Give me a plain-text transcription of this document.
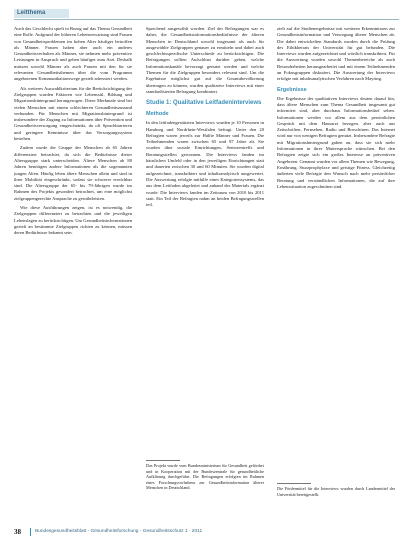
Leitthema

Auch das Geschlecht spielt in Bezug auf das Thema Gesundheit eine Rolle. Aufgrund der höheren Lebenserwartung sind Frauen von Gesundheitsproblemen im hohen Alter häufiger betroffen als Männer. Frauen haben aber auch ein anderes Gesundheitsverhalten als Männer, sie nehmen mehr präventive Leistungen in Anspruch und gehen häufiger zum Arzt. Deshalb müssen sowohl Männer als auch Frauen mit den für sie relevanten Gesundheitsthemen über die vom Programm angebotenen Kommunikationswege gezielt adressiert werden.

Als weiteres Auswahlkriterium für die Berücksichtigung der Zielgruppen wurden Faktoren wie Lebensstil, Bildung und Migrationshintergrund herangezogen. Diese Merkmale sind bei vielen Menschen mit einem schlechteren Gesundheitszustand verbunden. Für Menschen mit Migrationshintergrund ist insbesondere der Zugang zu Informationen über Prävention und Gesundheitsversorgung eingeschränkt, da oft Sprachbarrieren und geringere Kenntnisse über das Versorgungssystem bestehen.

Zudem wurde die Gruppe der Menschen ab 65 Jahren differenziert betrachtet, da sich die Bedürfnisse dieser Altersgruppe stark unterscheiden. Ältere Menschen ab 80 Jahren benötigen andere Informationen als die sogenannten jungen Alten. Häufig leben ältere Menschen allein und sind in ihrer Mobilität eingeschränkt, sodass sie schwerer erreichbar sind. Die Altersgruppe der 65- bis 79-Jährigen wurde im Rahmen des Projekts gesondert betrachtet, um eine möglichst zielgruppengerechte Ansprache zu gewährleisten.

Wie diese Ausführungen zeigen, ist es notwendig, die Zielgruppen differenziert zu betrachten und die jeweiligen Lebenslagen zu berücksichtigen. Um Gesundheitsinformationen gezielt an bestimmte Zielgruppen richten zu können, müssen deren Bedürfnisse bekannt sein.

Sprechend ausgewählt worden. Ziel der Befragungen war es daher, die Gesundheitsinformationsbedürfnisse der älteren Menschen in Deutschland sowohl insgesamt als auch für ausgewählte Zielgruppen genauer zu ermitteln und dabei auch geschlechtsspezifische Unterschiede zu berücksichtigen. Die Befragungen sollten Aufschluss darüber geben, welche Informationskanäle bevorzugt genutzt werden und welche Themen für die Zielgruppen besonders relevant sind. Um die Ergebnisse möglichst gut auf die Gesamtbevölkerung übertragen zu können, wurden qualitative Interviews mit einer standardisierten Befragung kombiniert.

Studie 1: Qualitative Leitfadeninterviews
Methode

In den leitfadengestützten Interviews wurden je 10 Personen in Hamburg und Nordrhein-Westfalen befragt. Unter den 20 Befragten waren jeweils zur Hälfte Männer und Frauen. Die Teilnehmenden waren zwischen 65 und 87 Jahre alt. Sie wurden über soziale Einrichtungen, Seniorentreffs und Beratungsstellen gewonnen. Die Interviews fanden im häuslichen Umfeld oder in den jeweiligen Einrichtungen statt und dauerten zwischen 30 und 60 Minuten. Sie wurden digital aufgezeichnet, transkribiert und inhaltsanalytisch ausgewertet. Die Auswertung erfolgte mithilfe eines Kategoriensystems, das aus dem Leitfaden abgeleitet und anhand des Materials ergänzt wurde. Die Interviews fanden im Zeitraum von 2010 bis 2011 statt. Ein Teil der Befragten nahm an beiden Befragungswellen teil.

zielt auf die Studienergebnisse mit weiteren Erkenntnissen zur Gesundheitsinformation und Versorgung älterer Menschen ab. Die dabei entwickelten Standards wurden durch die Prüfung des Ethikbeirats der Universität für gut befunden. Die Interviews wurden aufgezeichnet und wörtlich transkribiert. Für die Auswertung wurden sowohl Themenbereiche als auch Besonderheiten herausgearbeitet und mit einem Teilnehmenden an Fokusgruppen diskutiert. Die Auswertung der Interviews erfolgte mit inhaltsanalytischen Verfahren nach Mayring.

Ergebnisse

Die Ergebnisse der qualitativen Interviews deuten darauf hin, dass ältere Menschen zum Thema Gesundheit insgesamt gut informiert sind, aber durchaus Informationsbedarf sehen. Informationen werden vor allem aus dem persönlichen Gespräch mit dem Hausarzt bezogen, aber auch aus Zeitschriften, Fernsehen, Radio und Broschüren. Das Internet wird nur von wenigen Befragten genutzt. Insbesondere Befragte mit Migrationshintergrund gaben an, dass sie sich mehr Informationen in ihrer Muttersprache wünschen. Bei den Befragten zeigte sich ein großes Interesse an präventiven Angeboten. Genannt wurden vor allem Themen wie Bewegung, Ernährung, Sturzprophylaxe und geistige Fitness. Gleichzeitig äußerten viele Befragte den Wunsch nach mehr persönlicher Beratung und verständlichen Informationen, die auf ihre Lebenssituation zugeschnitten sind.

Das Projekt wurde vom Bundesministerium für Gesundheit gefördert und in Kooperation mit der Bundeszentrale für gesundheitliche Aufklärung durchgeführt. Die Befragungen erfolgten im Rahmen eines Forschungsvorhabens zur Gesundheitsinformation älterer Menschen in Deutschland.	Die Fördermittel für die Interviews wurden durch Landesmittel der Universität bereitgestellt.
38	Bundesgesundheitsblatt - Gesundheitsforschung - Gesundheitsschutz 1 · 2011
